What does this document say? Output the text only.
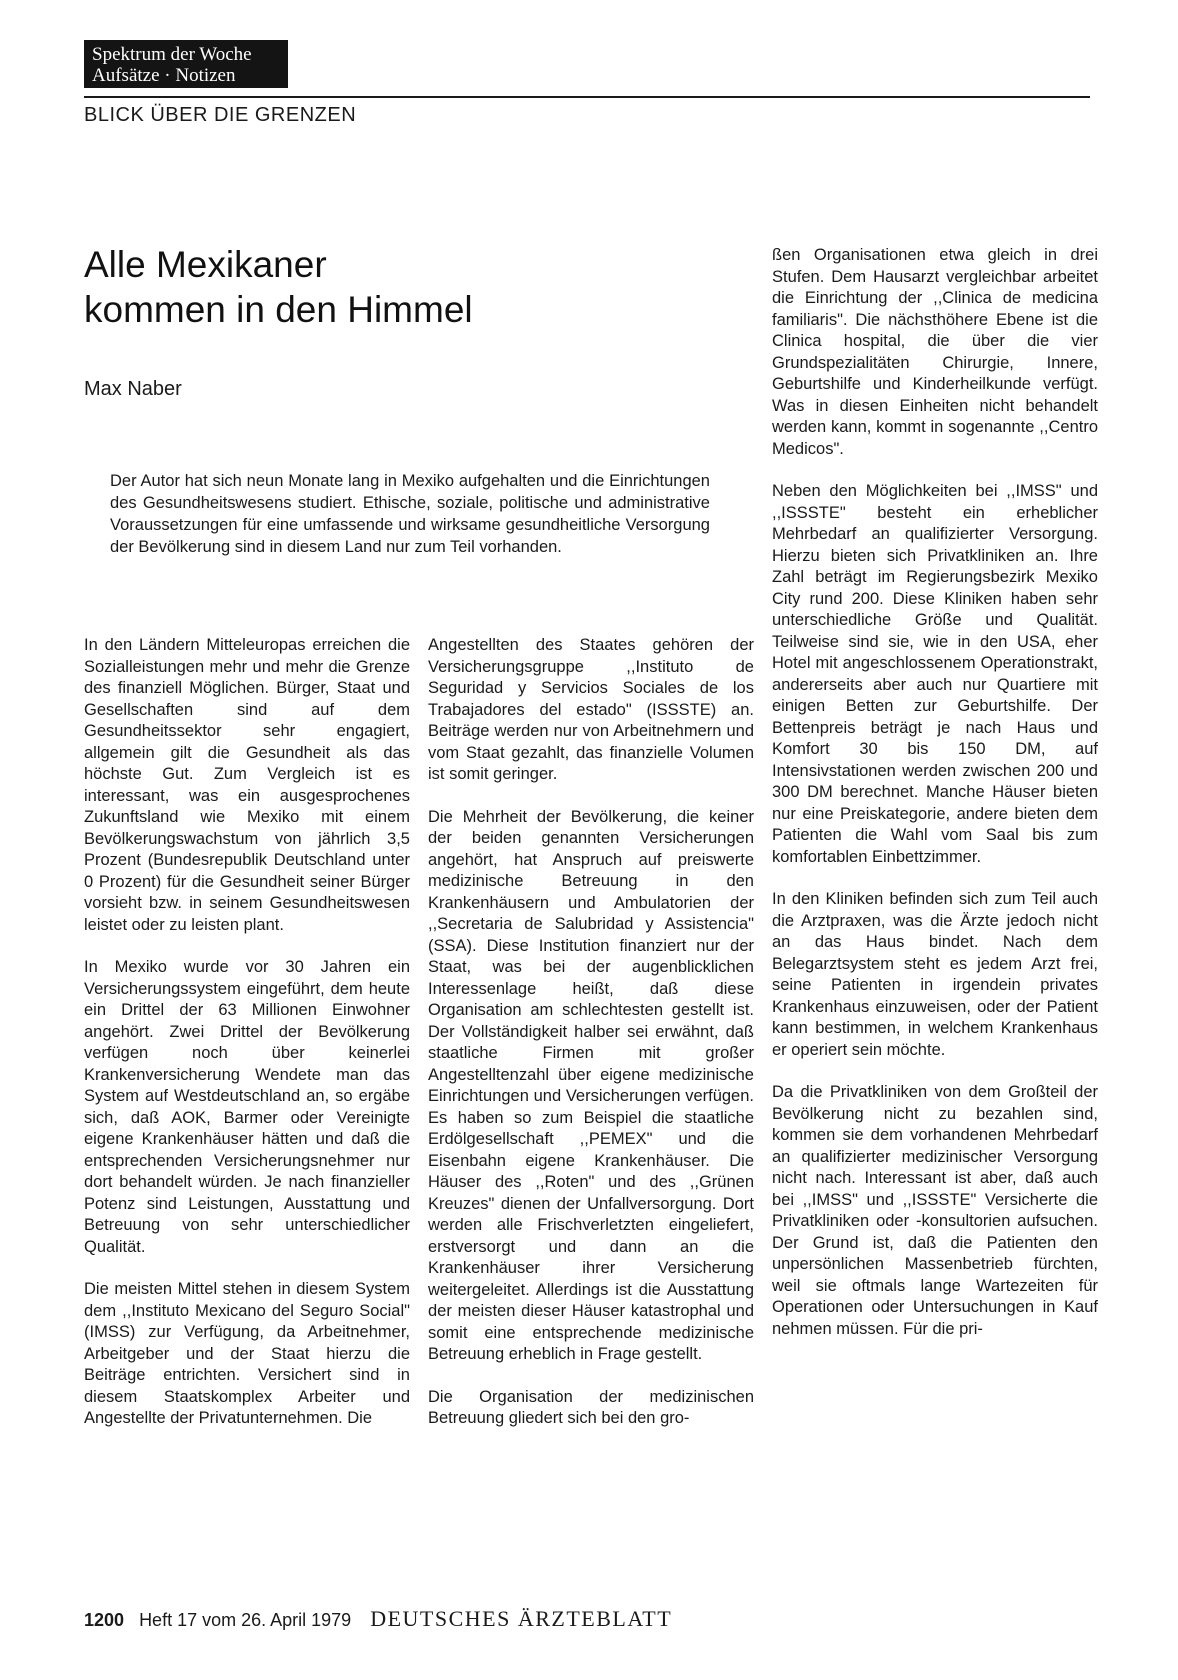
Spektrum der Woche
Aufsätze · Notizen
BLICK ÜBER DIE GRENZEN
Alle Mexikaner
kommen in den Himmel
Max Naber

Der Autor hat sich neun Monate lang in Mexiko aufgehalten und die Einrichtungen des Gesundheitswesens studiert. Ethische, soziale, politische und administrative Voraussetzungen für eine umfassende und wirksame gesundheitliche Versorgung der Bevölkerung sind in diesem Land nur zum Teil vorhanden.

In den Ländern Mitteleuropas erreichen die Sozialleistungen mehr und mehr die Grenze des finanziell Möglichen. Bürger, Staat und Gesellschaften sind auf dem Gesundheitssektor sehr engagiert, allgemein gilt die Gesundheit als das höchste Gut. Zum Vergleich ist es interessant, was ein ausgesprochenes Zukunftsland wie Mexiko mit einem Bevölkerungswachstum von jährlich 3,5 Prozent (Bundesrepublik Deutschland unter 0 Prozent) für die Gesundheit seiner Bürger vorsieht bzw. in seinem Gesundheitswesen leistet oder zu leisten plant.

In Mexiko wurde vor 30 Jahren ein Versicherungssystem eingeführt, dem heute ein Drittel der 63 Millionen Einwohner angehört. Zwei Drittel der Bevölkerung verfügen noch über keinerlei Krankenversicherung Wendete man das System auf Westdeutschland an, so ergäbe sich, daß AOK, Barmer oder Vereinigte eigene Krankenhäuser hätten und daß die entsprechenden Versicherungsnehmer nur dort behandelt würden. Je nach finanzieller Potenz sind Leistungen, Ausstattung und Betreuung von sehr unterschiedlicher Qualität.

Die meisten Mittel stehen in diesem System dem ,,Instituto Mexicano del Seguro Social" (IMSS) zur Verfügung, da Arbeitnehmer, Arbeitgeber und der Staat hierzu die Beiträge entrichten. Versichert sind in diesem Staatskomplex Arbeiter und Angestellte der Privatunternehmen. Die

Angestellten des Staates gehören der Versicherungsgruppe ,,Instituto de Seguridad y Servicios Sociales de los Trabajadores del estado" (ISSSTE) an. Beiträge werden nur von Arbeitnehmern und vom Staat gezahlt, das finanzielle Volumen ist somit geringer.

Die Mehrheit der Bevölkerung, die keiner der beiden genannten Versicherungen angehört, hat Anspruch auf preiswerte medizinische Betreuung in den Krankenhäusern und Ambulatorien der ,,Secretaria de Salubridad y Assistencia" (SSA). Diese Institution finanziert nur der Staat, was bei der augenblicklichen Interessenlage heißt, daß diese Organisation am schlechtesten gestellt ist. Der Vollständigkeit halber sei erwähnt, daß staatliche Firmen mit großer Angestelltenzahl über eigene medizinische Einrichtungen und Versicherungen verfügen. Es haben so zum Beispiel die staatliche Erdölgesellschaft ,,PEMEX" und die Eisenbahn eigene Krankenhäuser. Die Häuser des ,,Roten" und des ,,Grünen Kreuzes" dienen der Unfallversorgung. Dort werden alle Frischverletzten eingeliefert, erstversorgt und dann an die Krankenhäuser ihrer Versicherung weitergeleitet. Allerdings ist die Ausstattung der meisten dieser Häuser katastrophal und somit eine entsprechende medizinische Betreuung erheblich in Frage gestellt.

Die Organisation der medizinischen Betreuung gliedert sich bei den gro-

ßen Organisationen etwa gleich in drei Stufen. Dem Hausarzt vergleichbar arbeitet die Einrichtung der ,,Clinica de medicina familiaris". Die nächsthöhere Ebene ist die Clinica hospital, die über die vier Grundspezialitäten Chirurgie, Innere, Geburtshilfe und Kinderheilkunde verfügt. Was in diesen Einheiten nicht behandelt werden kann, kommt in sogenannte ,,Centro Medicos".

Neben den Möglichkeiten bei ,,IMSS" und ,,ISSSTE" besteht ein erheblicher Mehrbedarf an qualifizierter Versorgung. Hierzu bieten sich Privatkliniken an. Ihre Zahl beträgt im Regierungsbezirk Mexiko City rund 200. Diese Kliniken haben sehr unterschiedliche Größe und Qualität. Teilweise sind sie, wie in den USA, eher Hotel mit angeschlossenem Operationstrakt, andererseits aber auch nur Quartiere mit einigen Betten zur Geburtshilfe. Der Bettenpreis beträgt je nach Haus und Komfort 30 bis 150 DM, auf Intensivstationen werden zwischen 200 und 300 DM berechnet. Manche Häuser bieten nur eine Preiskategorie, andere bieten dem Patienten die Wahl vom Saal bis zum komfortablen Einbettzimmer.

In den Kliniken befinden sich zum Teil auch die Arztpraxen, was die Ärzte jedoch nicht an das Haus bindet. Nach dem Belegarztsystem steht es jedem Arzt frei, seine Patienten in irgendein privates Krankenhaus einzuweisen, oder der Patient kann bestimmen, in welchem Krankenhaus er operiert sein möchte.

Da die Privatkliniken von dem Großteil der Bevölkerung nicht zu bezahlen sind, kommen sie dem vorhandenen Mehrbedarf an qualifizierter medizinischer Versorgung nicht nach. Interessant ist aber, daß auch bei ,,IMSS" und ,,ISSSTE" Versicherte die Privatkliniken oder -konsultorien aufsuchen. Der Grund ist, daß die Patienten den unpersönlichen Massenbetrieb fürchten, weil sie oftmals lange Wartezeiten für Operationen oder Untersuchungen in Kauf nehmen müssen. Für die pri-

1200 Heft 17 vom 26. April 1979 DEUTSCHES ÄRZTEBLATT
